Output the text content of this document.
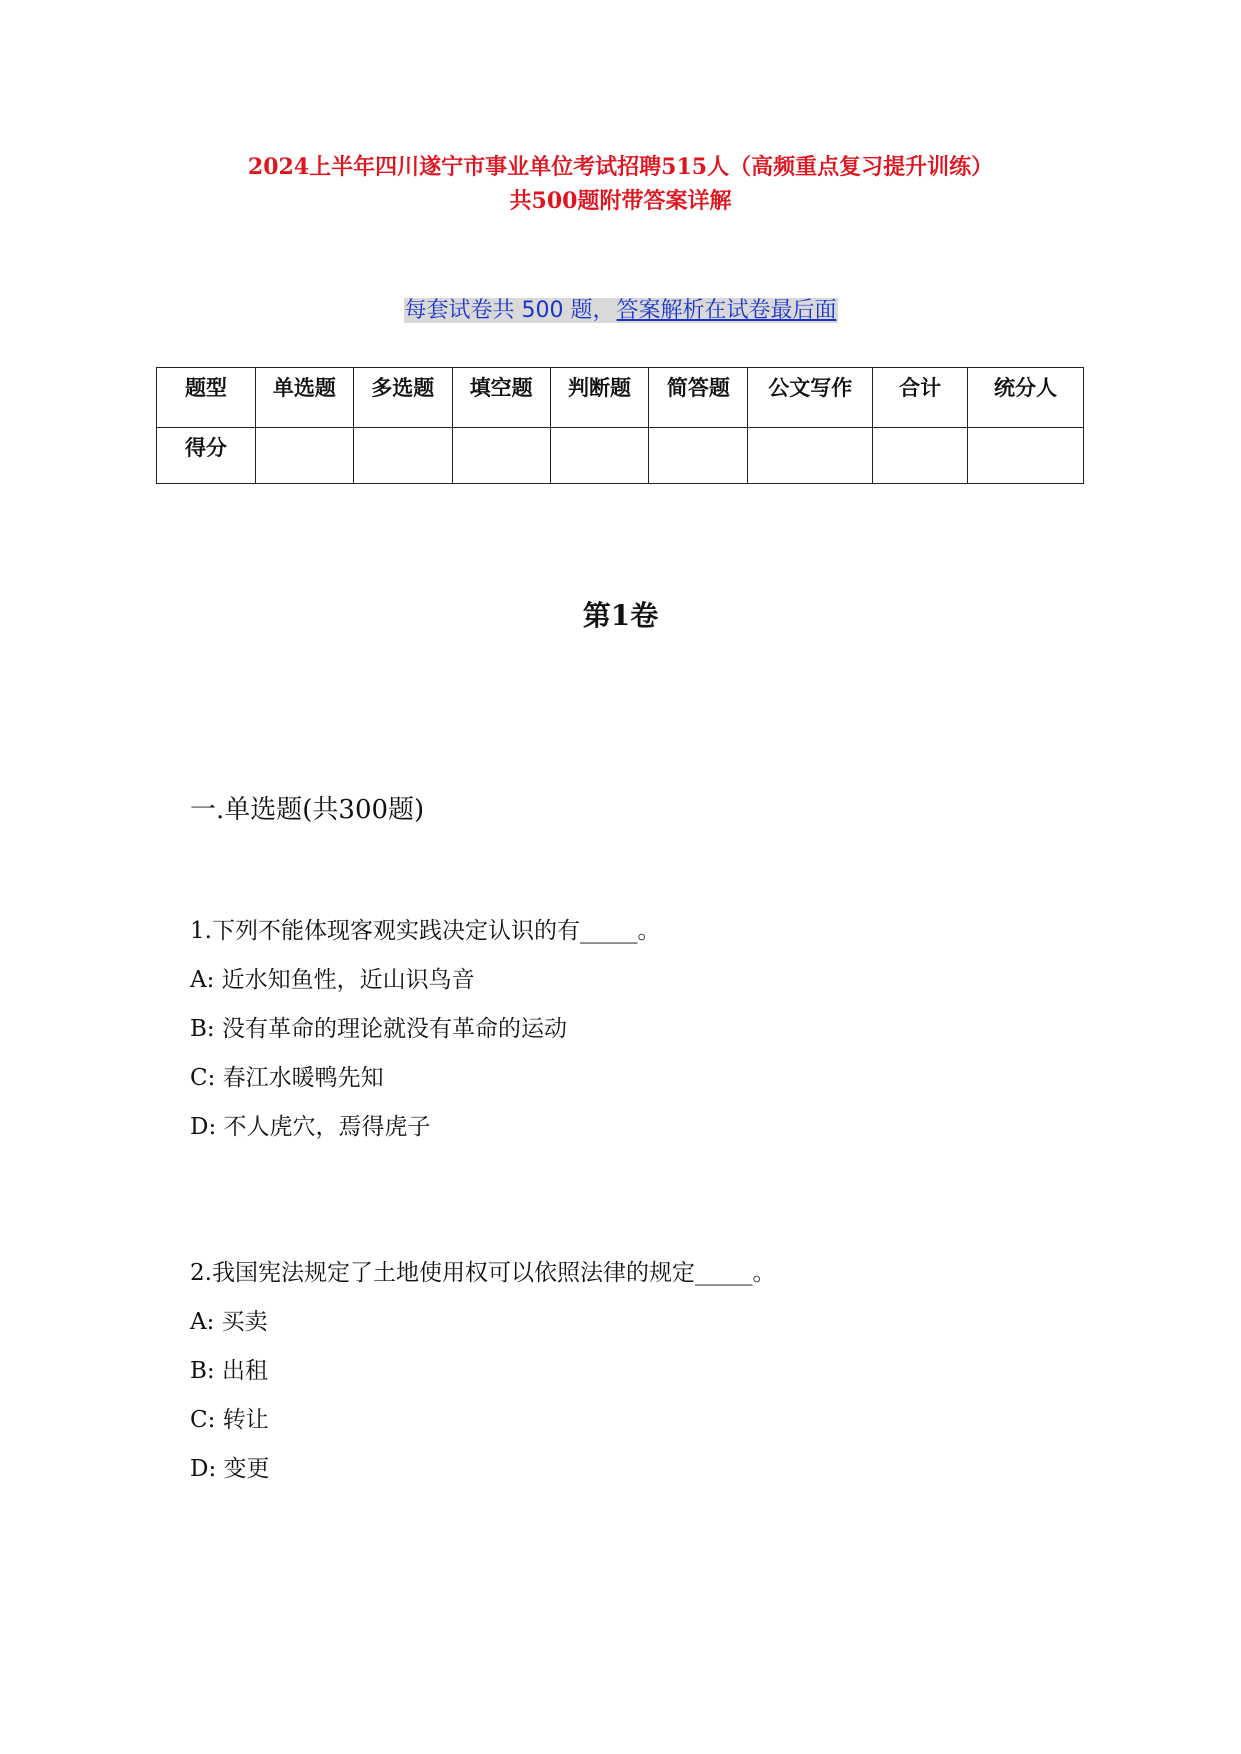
2024上半年四川遂宁市事业单位考试招聘515人（高频重点复习提升训练）
共500题附带答案详解
每套试卷共 500 题，答案解析在试卷最后面
题型	单选题	多选题	填空题	判断题	简答题	公文写作	合计	统分人
得分								
第1卷
一.单选题(共300题)
1.下列不能体现客观实践决定认识的有_____。
A: 近水知鱼性，近山识鸟音
B: 没有革命的理论就没有革命的运动
C: 春江水暖鸭先知
D: 不人虎穴，焉得虎子
2.我国宪法规定了土地使用权可以依照法律的规定_____。
A: 买卖
B: 出租
C: 转让
D: 变更
